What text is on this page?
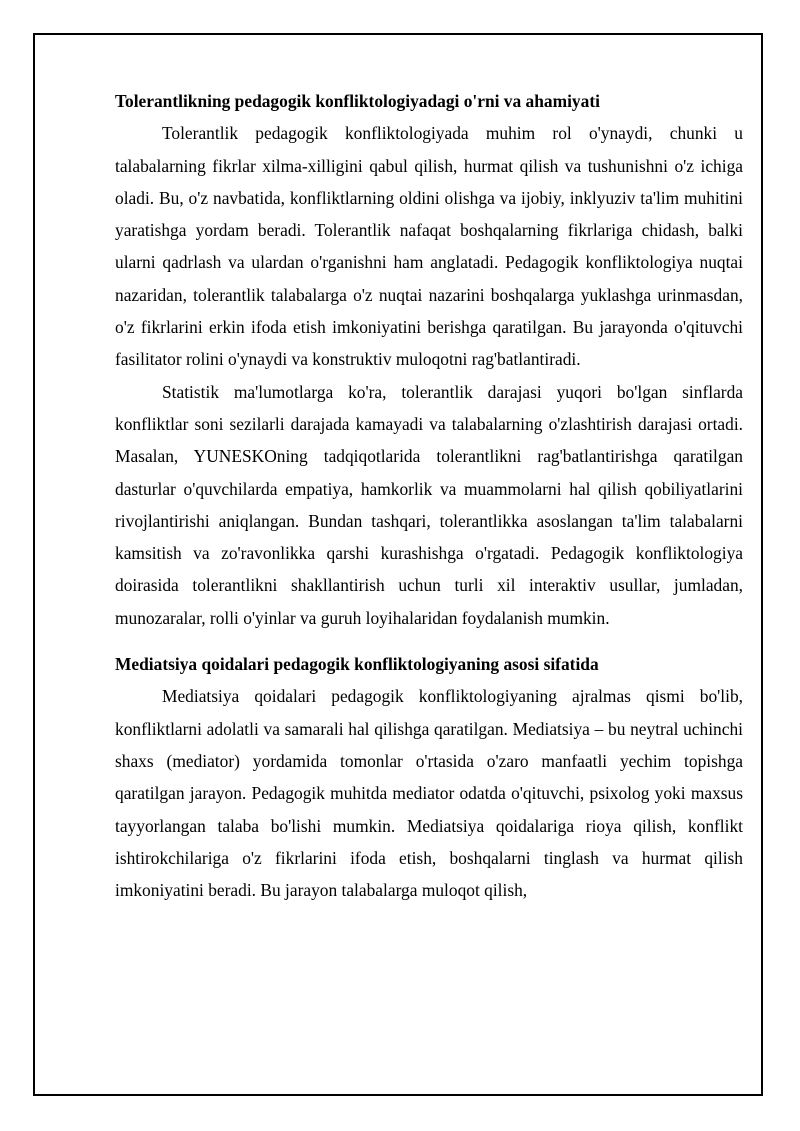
Tolerantlikning pedagogik konfliktologiyadagi o'rni va ahamiyati

Tolerantlik pedagogik konfliktologiyada muhim rol o'ynaydi, chunki u talabalarning fikrlar xilma-xilligini qabul qilish, hurmat qilish va tushunishni o'z ichiga oladi. Bu, o'z navbatida, konfliktlarning oldini olishga va ijobiy, inklyuziv ta'lim muhitini yaratishga yordam beradi. Tolerantlik nafaqat boshqalarning fikrlariga chidash, balki ularni qadrlash va ulardan o'rganishni ham anglatadi. Pedagogik konfliktologiya nuqtai nazaridan, tolerantlik talabalarga o'z nuqtai nazarini boshqalarga yuklashga urinmasdan, o'z fikrlarini erkin ifoda etish imkoniyatini berishga qaratilgan. Bu jarayonda o'qituvchi fasilitator rolini o'ynaydi va konstruktiv muloqotni rag'batlantiradi.

Statistik ma'lumotlarga ko'ra, tolerantlik darajasi yuqori bo'lgan sinflarda konfliktlar soni sezilarli darajada kamayadi va talabalarning o'zlashtirish darajasi ortadi. Masalan, YUNESKOning tadqiqotlarida tolerantlikni rag'batlantirishga qaratilgan dasturlar o'quvchilarda empatiya, hamkorlik va muammolarni hal qilish qobiliyatlarini rivojlantirishi aniqlangan. Bundan tashqari, tolerantlikka asoslangan ta'lim talabalarni kamsitish va zo'ravonlikka qarshi kurashishga o'rgatadi. Pedagogik konfliktologiya doirasida tolerantlikni shakllantirish uchun turli xil interaktiv usullar, jumladan, munozaralar, rolli o'yinlar va guruh loyihalaridan foydalanish mumkin.

Mediatsiya qoidalari pedagogik konfliktologiyaning asosi sifatida

Mediatsiya qoidalari pedagogik konfliktologiyaning ajralmas qismi bo'lib, konfliktlarni adolatli va samarali hal qilishga qaratilgan. Mediatsiya – bu neytral uchinchi shaxs (mediator) yordamida tomonlar o'rtasida o'zaro manfaatli yechim topishga qaratilgan jarayon. Pedagogik muhitda mediator odatda o'qituvchi, psixolog yoki maxsus tayyorlangan talaba bo'lishi mumkin. Mediatsiya qoidalariga rioya qilish, konflikt ishtirokchilariga o'z fikrlarini ifoda etish, boshqalarni tinglash va hurmat qilish imkoniyatini beradi. Bu jarayon talabalarga muloqot qilish,
